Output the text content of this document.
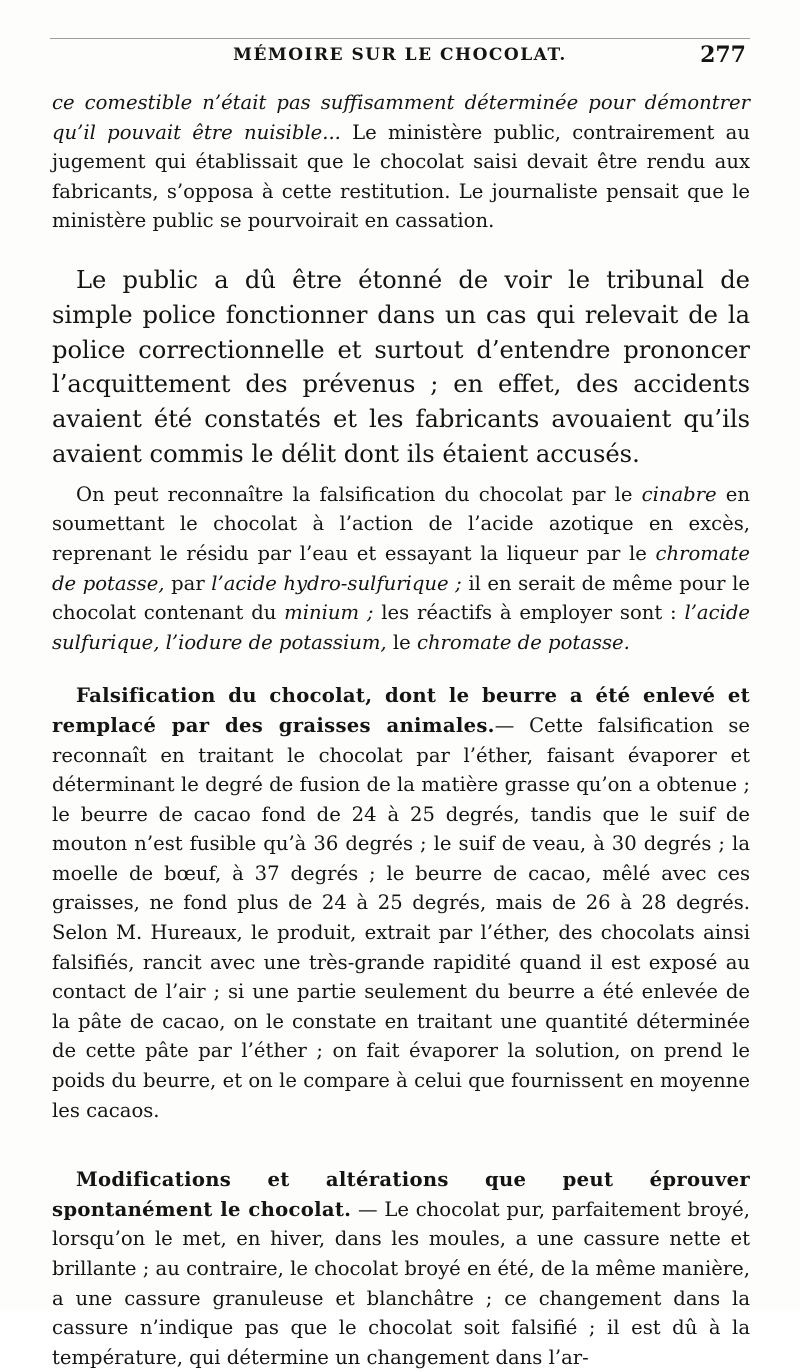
MÉMOIRE SUR LE CHOCOLAT.	277

ce comestible n’était pas suffisamment déterminée pour démontrer qu’il pouvait être nuisible... Le ministère public, contrairement au jugement qui établissait que le chocolat saisi devait être rendu aux fabricants, s’opposa à cette restitution. Le journaliste pensait que le ministère public se pourvoirait en cassation.

Le public a dû être étonné de voir le tribunal de simple police fonctionner dans un cas qui relevait de la police correctionnelle et surtout d’entendre prononcer l’acquittement des prévenus ; en effet, des accidents avaient été constatés et les fabricants avouaient qu’ils avaient commis le délit dont ils étaient accusés.

On peut reconnaître la falsification du chocolat par le cinabre en soumettant le chocolat à l’action de l’acide azotique en excès, reprenant le résidu par l’eau et essayant la liqueur par le chromate de potasse, par l’acide hydro-sulfurique ; il en serait de même pour le chocolat contenant du minium ; les réactifs à employer sont : l’acide sulfurique, l’iodure de potassium, le chromate de potasse.

Falsification du chocolat, dont le beurre a été enlevé et remplacé par des graisses animales.— Cette falsification se reconnaît en traitant le chocolat par l’éther, faisant évaporer et déterminant le degré de fusion de la matière grasse qu’on a obtenue ; le beurre de cacao fond de 24 à 25 degrés, tandis que le suif de mouton n’est fusible qu’à 36 degrés ; le suif de veau, à 30 degrés ; la moelle de bœuf, à 37 degrés ; le beurre de cacao, mêlé avec ces graisses, ne fond plus de 24 à 25 degrés, mais de 26 à 28 degrés. Selon M. Hureaux, le produit, extrait par l’éther, des chocolats ainsi falsifiés, rancit avec une très-grande rapidité quand il est exposé au contact de l’air ; si une partie seulement du beurre a été enlevée de la pâte de cacao, on le constate en traitant une quantité déterminée de cette pâte par l’éther ; on fait évaporer la solution, on prend le poids du beurre, et on le compare à celui que fournissent en moyenne les cacaos.

Modifications et altérations que peut éprouver spontanément le chocolat. — Le chocolat pur, parfaitement broyé, lorsqu’on le met, en hiver, dans les moules, a une cassure nette et brillante ; au contraire, le chocolat broyé en été, de la même manière, a une cassure granuleuse et blanchâtre ; ce changement dans la cassure n’indique pas que le chocolat soit falsifié ; il est dû à la température, qui détermine un changement dans l’ar-
